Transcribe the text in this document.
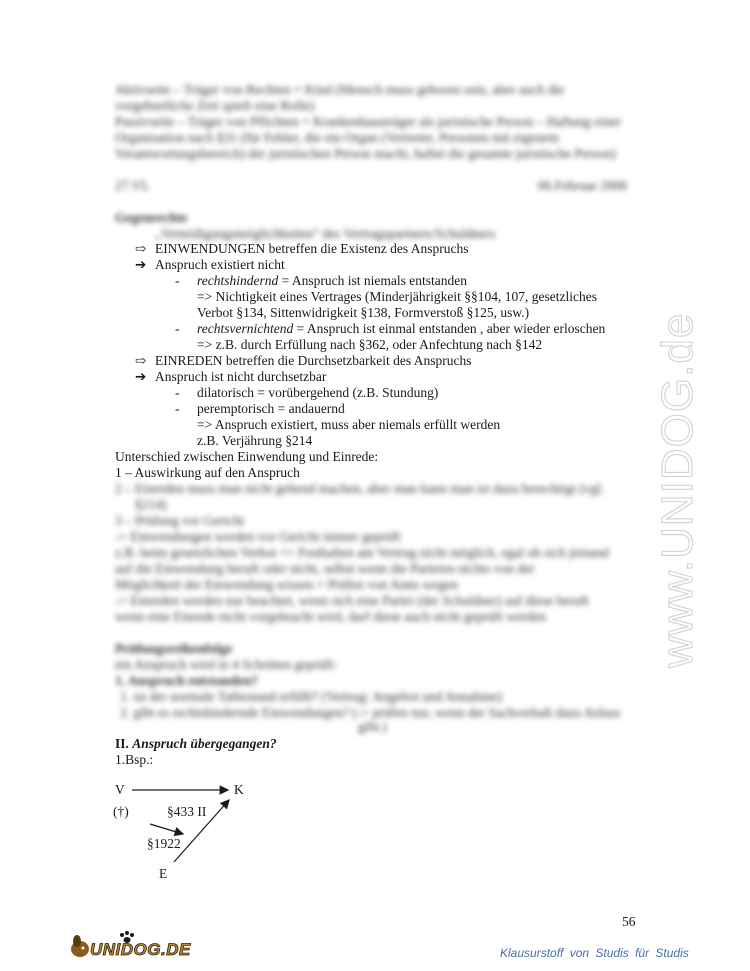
Aktivseite – Träger von Rechten = Kind (Mensch muss geboren sein, aber auch die
vorgeburtliche Zeit spielt eine Rolle)
Passivseite – Träger von Pflichten = Krankenhausträger als juristische Person – Haftung einer
Organisation nach §31 (für Fehler, die ein Organ (Vertreter, Personen mit eigenem
Verantwortungsbereich) der juristischen Person macht, haftet die gesamte juristische Person)
27.VL	06.Februar 2006
Gegenrechte
„Verteidigungsmöglichkeiten" des Vertragspartners/Schuldners
⇨ EINWENDUNGEN betreffen die Existenz des Anspruchs
➔ Anspruch existiert nicht
- rechtshindernd = Anspruch ist niemals entstanden
=> Nichtigkeit eines Vertrages (Minderjährigkeit §§104, 107, gesetzliches
Verbot §134, Sittenwidrigkeit §138, Formverstoß §125, usw.)
- rechtsvernichtend = Anspruch ist einmal entstanden , aber wieder erloschen
=> z.B. durch Erfüllung nach §362, oder Anfechtung nach §142
⇨ EINREDEN betreffen die Durchsetzbarkeit des Anspruchs
➔ Anspruch ist nicht durchsetzbar
- dilatorisch = vorübergehend (z.B. Stundung)
- peremptorisch = andauernd
=> Anspruch existiert, muss aber niemals erfüllt werden
z.B. Verjährung §214
Unterschied zwischen Einwendung und Einrede:
1 – Auswirkung auf den Anspruch
2 – Einreden muss man nicht geltend machen, aber man kann man ist dazu berechtigt (vgl.
§214)
3 – Prüfung vor Gericht
-> Einwendungen werden vor Gericht immer geprüft
z.B. beim gesetzlichen Verbot => Festhalten am Vertrag nicht möglich, egal ob sich jemand
auf die Einwendung beruft oder nicht, selbst wenn die Parteien nichts von der
Möglichkeit der Einwendung wissen = Prüfen von Amts wegen
-> Einreden werden nur beachtet, wenn sich eine Partei (der Schuldner) auf diese beruft
wenn eine Einrede nicht vorgebracht wird, darf diese auch nicht geprüft werden
Prüfungsreihenfolge
ein Anspruch wird in 4 Schritten geprüft:
1. Anspruch entstanden?
1. ist der normale Tatbestand erfüllt? (Vertrag: Angebot und Annahme)
2. gibt es rechtshindernde Einwendungen? (-> prüfen nur, wenn der Sachverhalt dazu Anlass
gibt.)
II. Anspruch übergegangen?
1.Bsp.:
V	K
(†)	§433 II
§1922
E
www.UNIDOG.de
56
UNIDOG.DE	Klausurstoff von Studis für Studis
